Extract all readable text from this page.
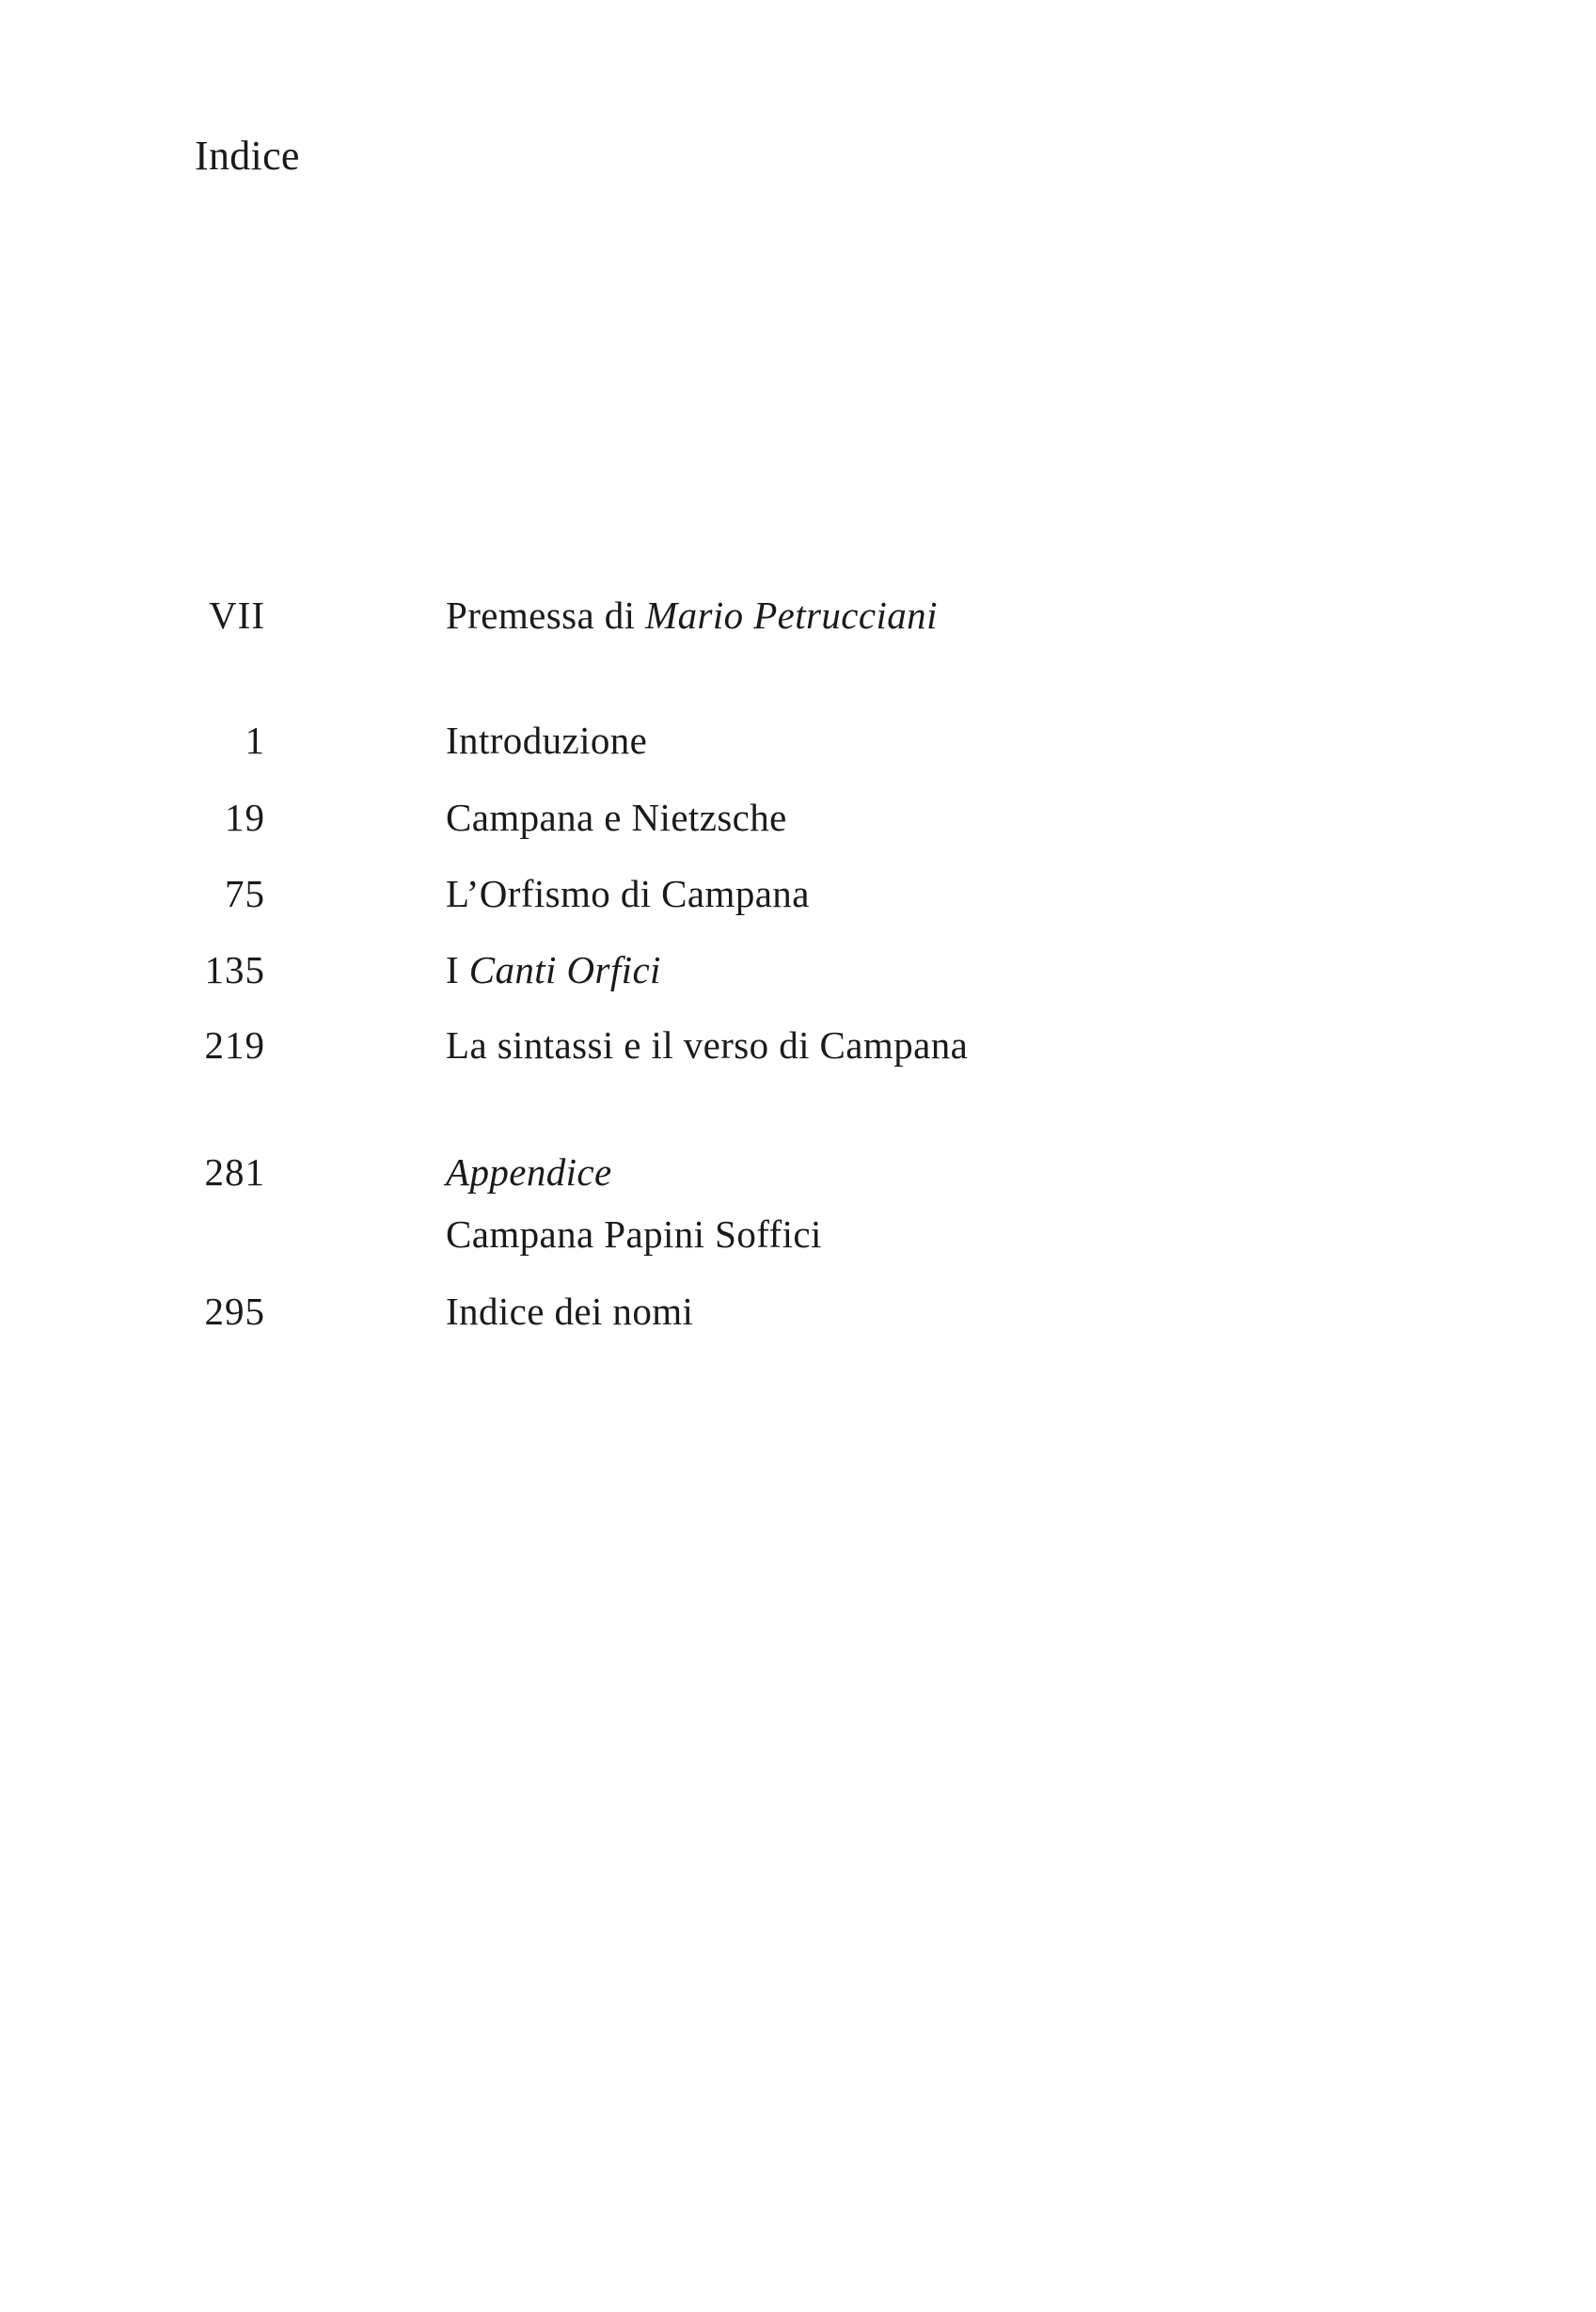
Indice
VII	Premessa di Mario Petrucciani
1	Introduzione
19	Campana e Nietzsche
75	L’Orfismo di Campana
135	I Canti Orfici
219	La sintassi e il verso di Campana
281	Appendice
Campana Papini Soffici
295	Indice dei nomi
